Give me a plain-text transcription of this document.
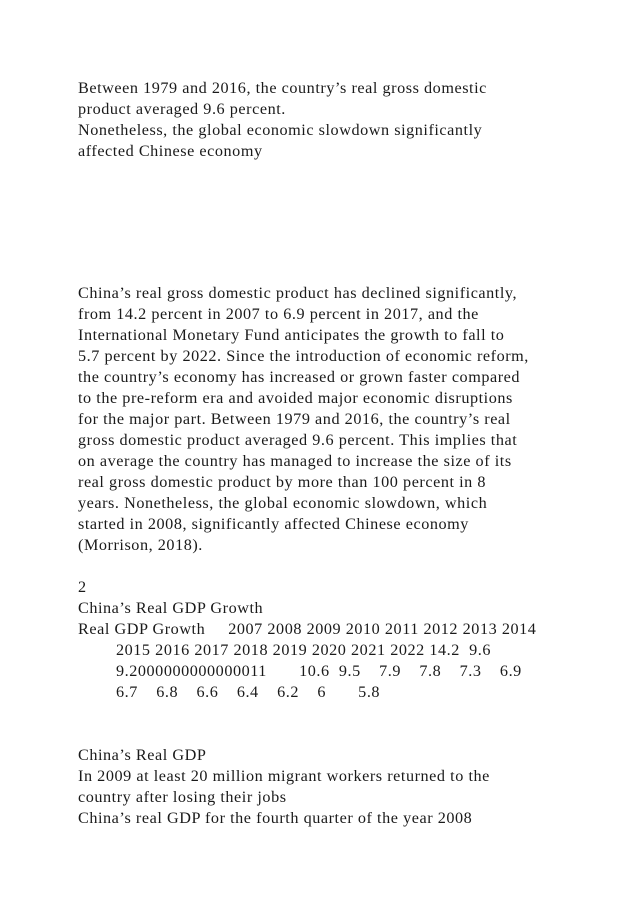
Between 1979 and 2016, the country’s real gross domestic
product averaged 9.6 percent.
Nonetheless, the global economic slowdown significantly
affected Chinese economy
China’s real gross domestic product has declined significantly,
from 14.2 percent in 2007 to 6.9 percent in 2017, and the
International Monetary Fund anticipates the growth to fall to
5.7 percent by 2022. Since the introduction of economic reform,
the country’s economy has increased or grown faster compared
to the pre-reform era and avoided major economic disruptions
for the major part. Between 1979 and 2016, the country’s real
gross domestic product averaged 9.6 percent. This implies that
on average the country has managed to increase the size of its
real gross domestic product by more than 100 percent in 8
years. Nonetheless, the global economic slowdown, which
started in 2008, significantly affected Chinese economy
(Morrison, 2018).
2
China’s Real GDP Growth
Real GDP Growth     2007 2008 2009 2010 2011 2012 2013 2014
2015 2016 2017 2018 2019 2020 2021 2022 14.2  9.6
9.2000000000000011       10.6  9.5    7.9    7.8    7.3    6.9
6.7    6.8    6.6    6.4    6.2    6       5.8
China’s Real GDP
In 2009 at least 20 million migrant workers returned to the
country after losing their jobs
China’s real GDP for the fourth quarter of the year 2008
